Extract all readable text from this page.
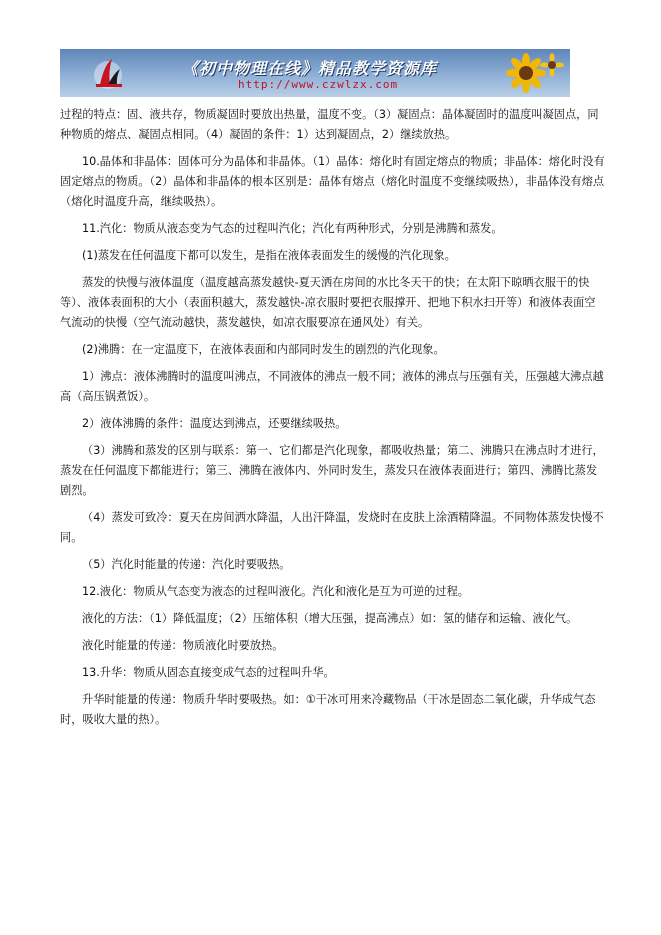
《初中物理在线》精品教学资源库
http://www.czwlzx.com

过程的特点：固、液共存，物质凝固时要放出热量，温度不变。（3）凝固点：晶体凝固时的温度叫凝固点，同种物质的熔点、凝固点相同。（4）凝固的条件：1）达到凝固点，2）继续放热。

10.晶体和非晶体：固体可分为晶体和非晶体。（1）晶体：熔化时有固定熔点的物质；非晶体：熔化时没有固定熔点的物质。（2）晶体和非晶体的根本区别是：晶体有熔点（熔化时温度不变继续吸热），非晶体没有熔点（熔化时温度升高，继续吸热）。

11.汽化：物质从液态变为气态的过程叫汽化；汽化有两种形式，分别是沸腾和蒸发。

(1)蒸发在任何温度下都可以发生，是指在液体表面发生的缓慢的汽化现象。

蒸发的快慢与液体温度（温度越高蒸发越快-夏天洒在房间的水比冬天干的快；在太阳下晾晒衣服干的快等）、液体表面积的大小（表面积越大，蒸发越快-凉衣服时要把衣服撑开、把地下积水扫开等）和液体表面空气流动的快慢（空气流动越快，蒸发越快，如凉衣服要凉在通风处）有关。

(2)沸腾：在一定温度下，在液体表面和内部同时发生的剧烈的汽化现象。

1）沸点：液体沸腾时的温度叫沸点，不同液体的沸点一般不同；液体的沸点与压强有关，压强越大沸点越高（高压锅煮饭）。

2）液体沸腾的条件：温度达到沸点，还要继续吸热。

（3）沸腾和蒸发的区别与联系：第一、它们都是汽化现象，都吸收热量；第二、沸腾只在沸点时才进行，蒸发在任何温度下都能进行；第三、沸腾在液体内、外同时发生，蒸发只在液体表面进行；第四、沸腾比蒸发剧烈。

（4）蒸发可致冷：夏天在房间洒水降温，人出汗降温，发烧时在皮肤上涂酒精降温。不同物体蒸发快慢不同。

（5）汽化时能量的传递：汽化时要吸热。

12.液化：物质从气态变为液态的过程叫液化。汽化和液化是互为可逆的过程。

液化的方法：（1）降低温度；（2）压缩体积（增大压强，提高沸点）如：氢的储存和运输、液化气。

液化时能量的传递：物质液化时要放热。

13.升华：物质从固态直接变成气态的过程叫升华。

升华时能量的传递：物质升华时要吸热。如：①干冰可用来冷藏物品（干冰是固态二氧化碳，升华成气态时，吸收大量的热）。
